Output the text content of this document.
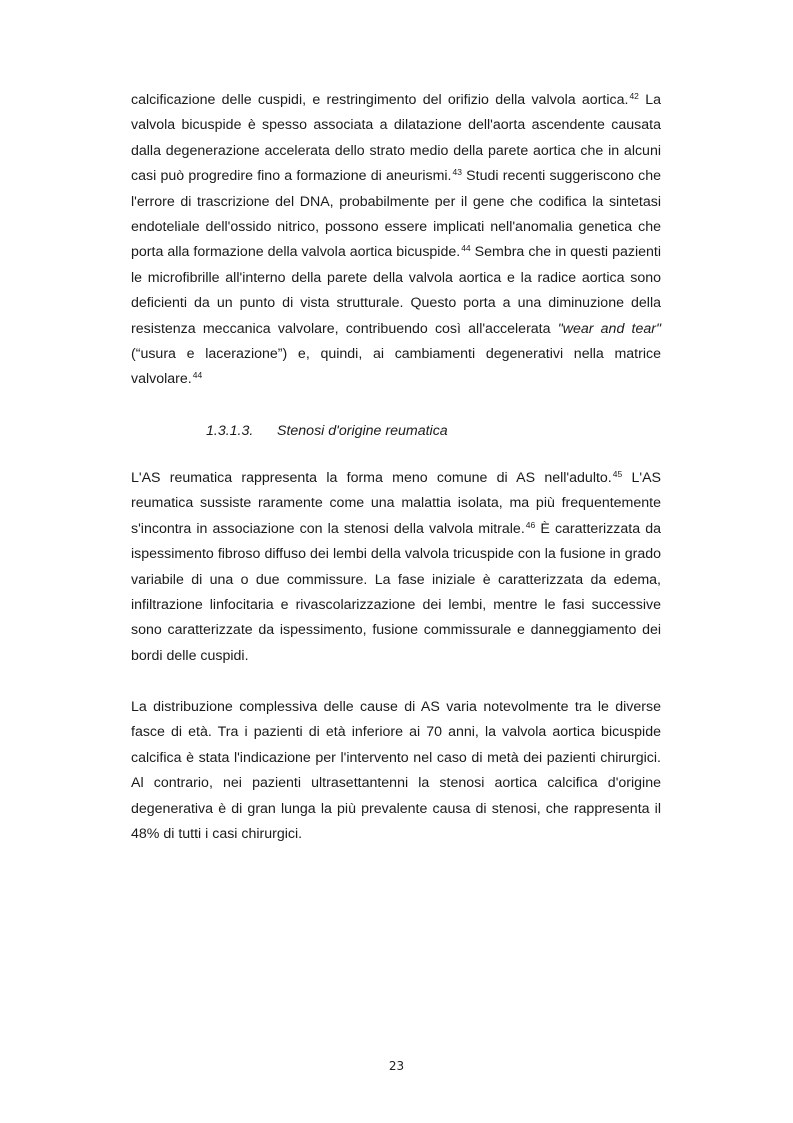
calcificazione delle cuspidi, e restringimento del orifizio della valvola aortica.$^{42}$ La valvola bicuspide è spesso associata a dilatazione dell'aorta ascendente causata dalla degenerazione accelerata dello strato medio della parete aortica che in alcuni casi può progredire fino a formazione di aneurismi.$^{43}$ Studi recenti suggeriscono che l'errore di trascrizione del DNA, probabilmente per il gene che codifica la sintetasi endoteliale dell'ossido nitrico, possono essere implicati nell'anomalia genetica che porta alla formazione della valvola aortica bicuspide.$^{44}$ Sembra che in questi pazienti le microfibrille all'interno della parete della valvola aortica e la radice aortica sono deficienti da un punto di vista strutturale. Questo porta a una diminuzione della resistenza meccanica valvolare, contribuendo così all'accelerata "wear and tear" (“usura e lacerazione”) e, quindi, ai cambiamenti degenerativi nella matrice valvolare.$^{44}$

1.3.1.3. Stenosi d'origine reumatica

L'AS reumatica rappresenta la forma meno comune di AS nell'adulto.$^{45}$ L'AS reumatica sussiste raramente come una malattia isolata, ma più frequentemente s'incontra in associazione con la stenosi della valvola mitrale.$^{46}$ È caratterizzata da ispessimento fibroso diffuso dei lembi della valvola tricuspide con la fusione in grado variabile di una o due commissure. La fase iniziale è caratterizzata da edema, infiltrazione linfocitaria e rivascolarizzazione dei lembi, mentre le fasi successive sono caratterizzate da ispessimento, fusione commissurale e danneggiamento dei bordi delle cuspidi.

La distribuzione complessiva delle cause di AS varia notevolmente tra le diverse fasce di età. Tra i pazienti di età inferiore ai 70 anni, la valvola aortica bicuspide calcifica è stata l'indicazione per l'intervento nel caso di metà dei pazienti chirurgici. Al contrario, nei pazienti ultrasettantenni la stenosi aortica calcifica d'origine degenerativa è di gran lunga la più prevalente causa di stenosi, che rappresenta il 48% di tutti i casi chirurgici.

23
